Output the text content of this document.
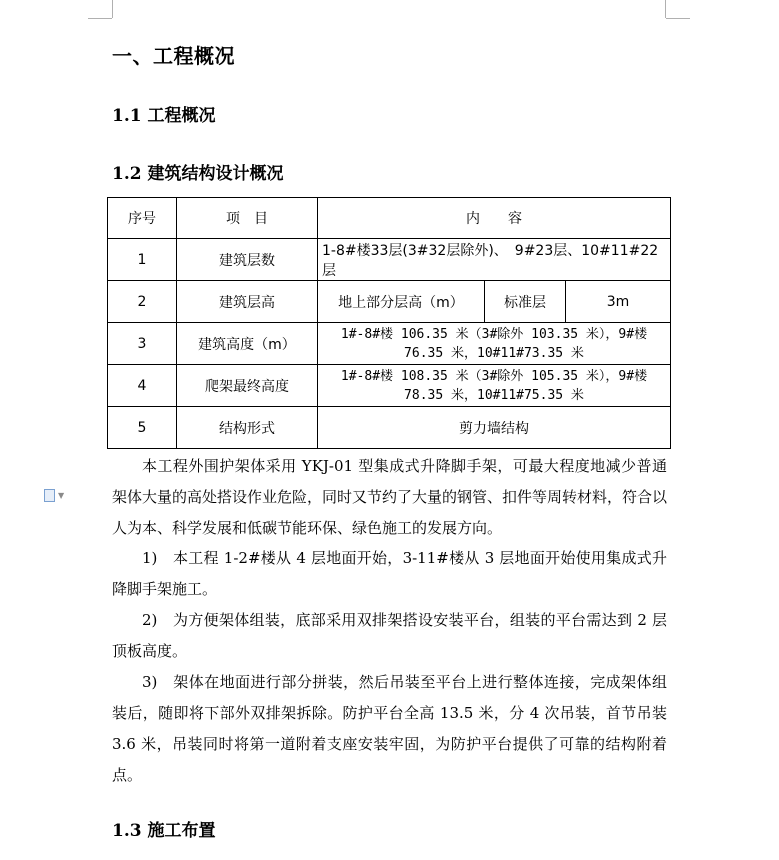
一、工程概况
1.1 工程概况
1.2 建筑结构设计概况
序号	项　目	内　　容		
1	建筑层数	1-8#楼33层(3#32层除外)、　9#23层、10#11#22层		
2	建筑层高	地上部分层高（m）	标准层	3m
3	建筑高度（m）	1#-8#楼 106.35 米（3#除外 103.35 米），9#楼 76.35 米，10#11#73.35 米		
4	爬架最终高度	1#-8#楼 108.35 米（3#除外 105.35 米），9#楼 78.35 米，10#11#75.35 米		
5	结构形式	剪力墙结构		
▼
本工程外围护架体采用 YKJ-01 型集成式升降脚手架，可最大程度地减少普通架体大量的高处搭设作业危险，同时又节约了大量的钢管、扣件等周转材料，符合以人为本、科学发展和低碳节能环保、绿色施工的发展方向。
1)　本工程 1-2#楼从 4 层地面开始，3-11#楼从 3 层地面开始使用集成式升降脚手架施工。
2)　为方便架体组装，底部采用双排架搭设安装平台，组装的平台需达到 2 层顶板高度。
3)　架体在地面进行部分拼装，然后吊装至平台上进行整体连接，完成架体组装后，随即将下部外双排架拆除。防护平台全高 13.5 米，分 4 次吊装，首节吊装 3.6 米，吊装同时将第一道附着支座安装牢固，为防护平台提供了可靠的结构附着点。
1.3 施工布置
